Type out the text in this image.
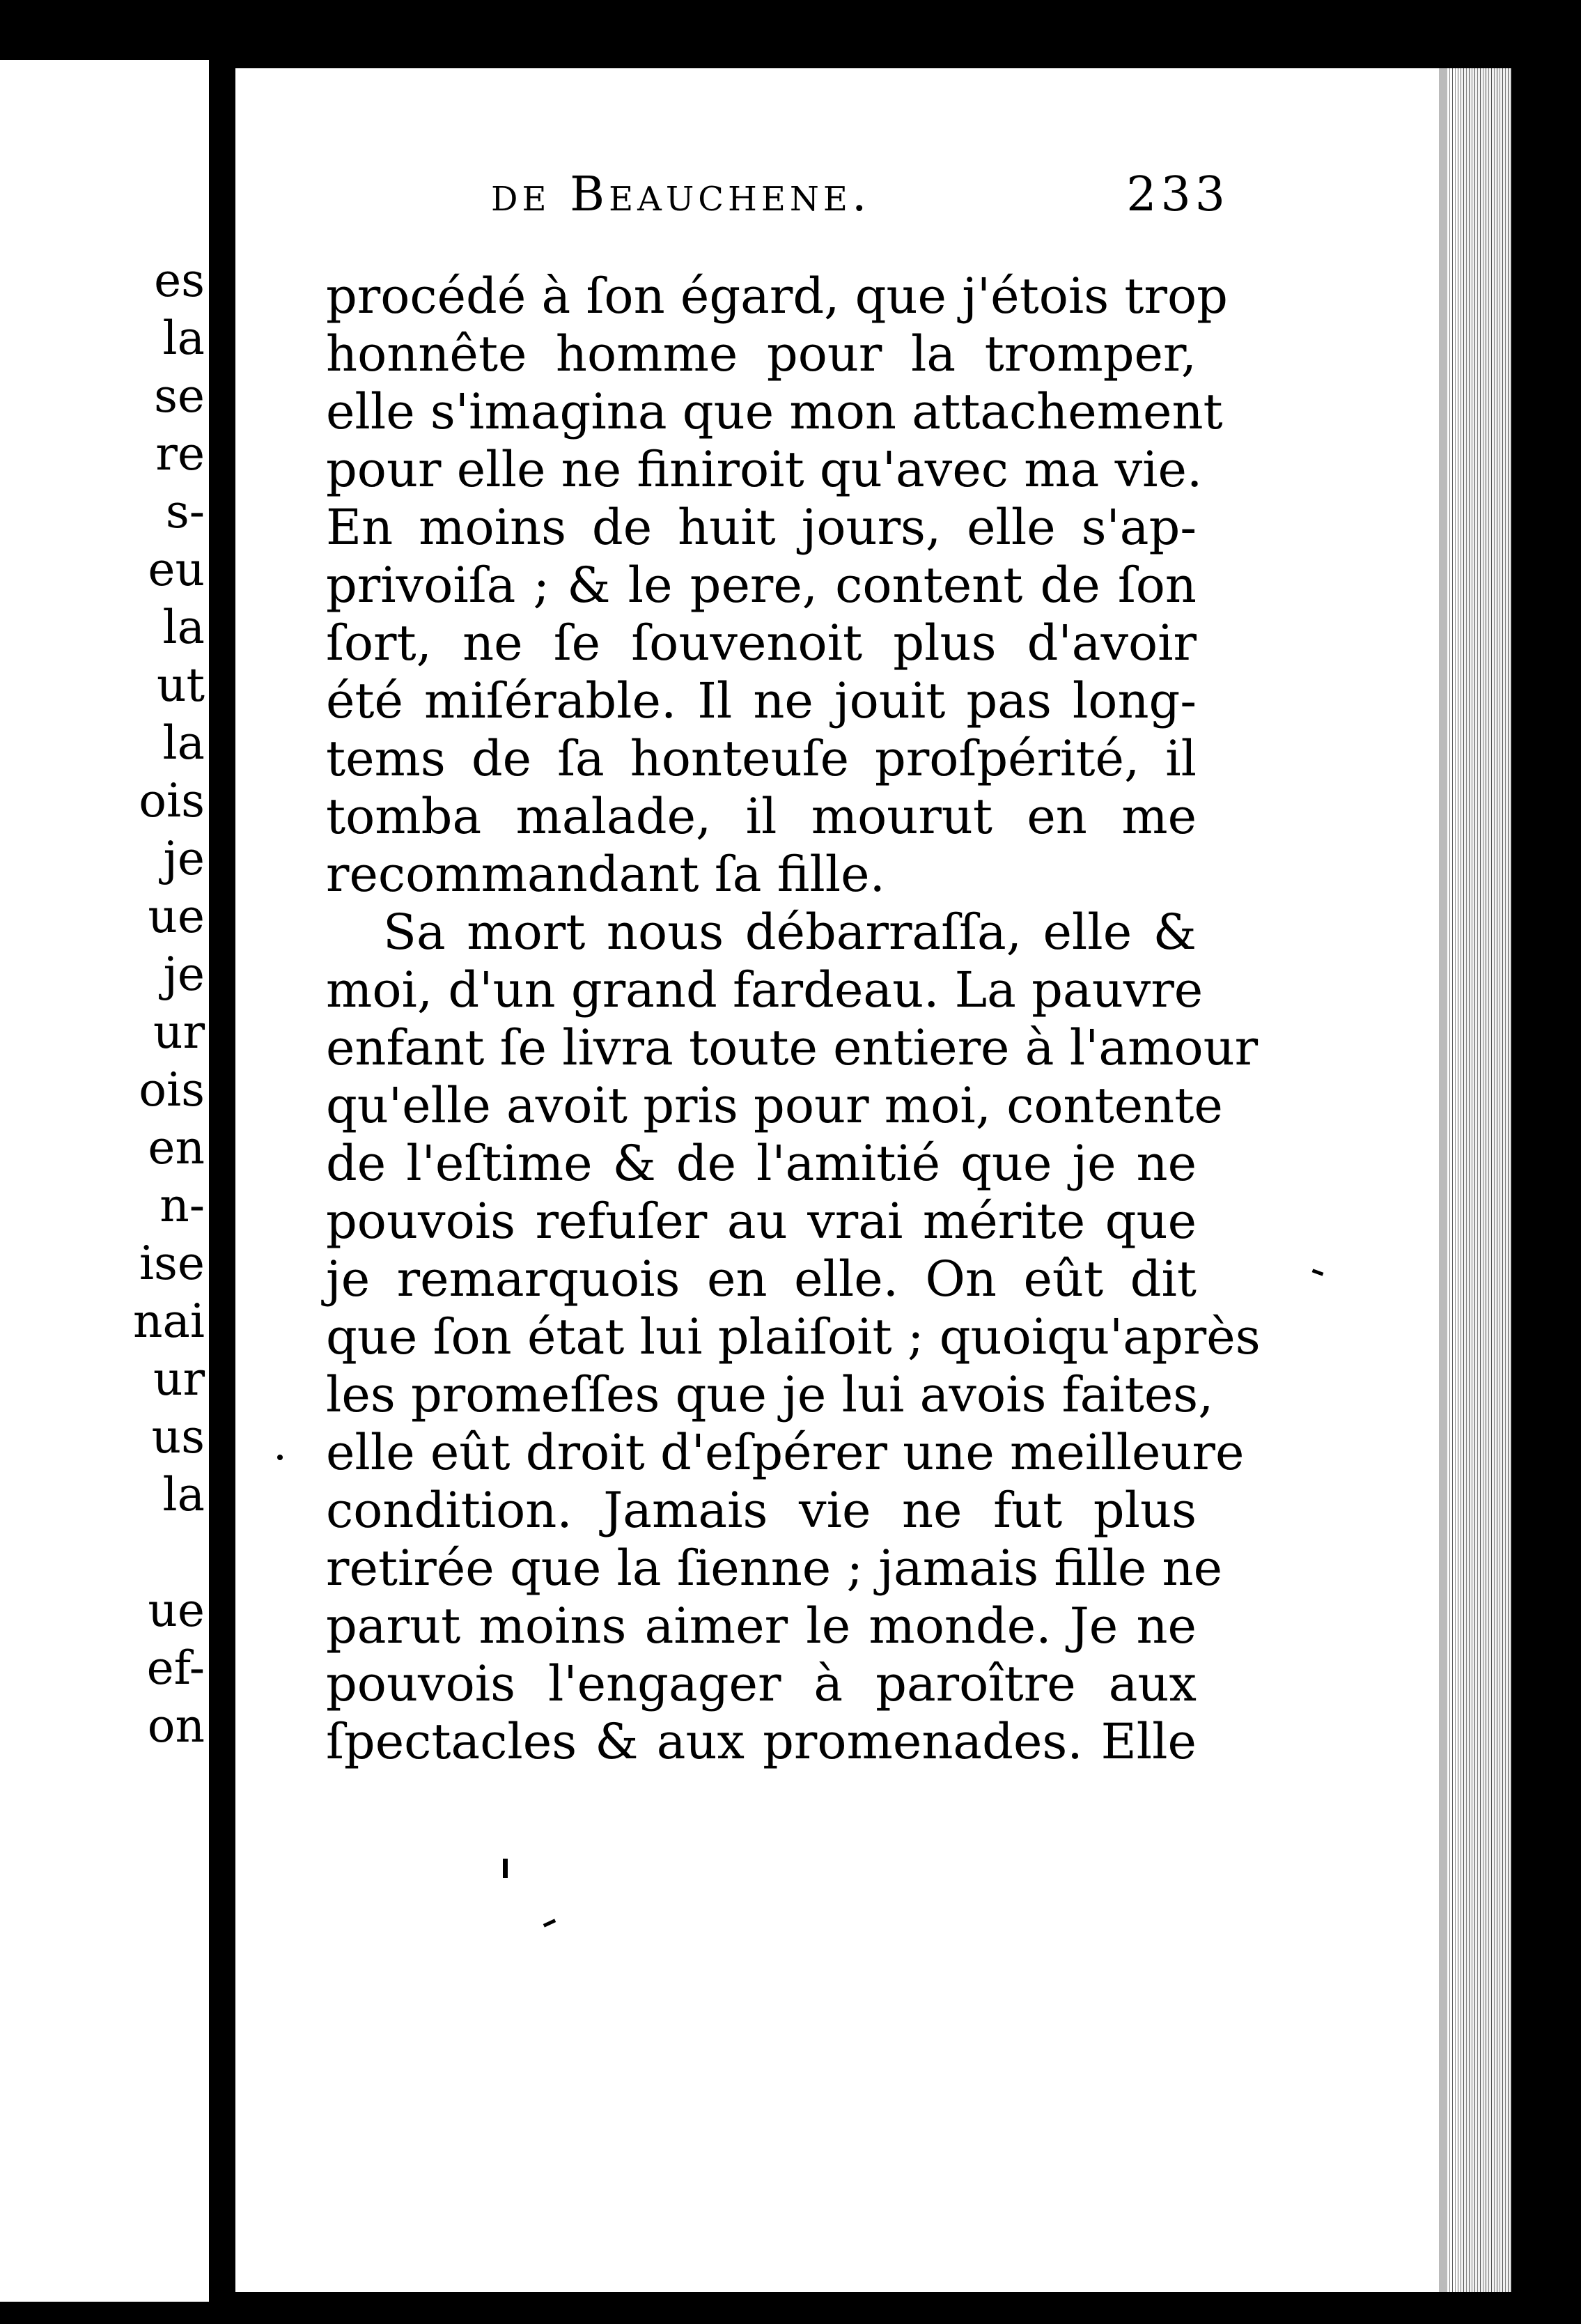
es
la
se
re
s-
eu
la
ut
la
ois
je
ue
je
ur
ois
en
n-
ise
nai
ur
us
la
ue
ef-
on
de Beauchene.	233
procédé à ſon égard, que j'étois trop
honnête homme pour la tromper,
elle s'imagina que mon attachement
pour elle ne finiroit qu'avec ma vie.
En moins de huit jours, elle s'ap-
privoiſa ; & le pere, content de ſon
ſort, ne ſe ſouvenoit plus d'avoir
été miſérable. Il ne jouit pas long-
tems de ſa honteuſe proſpérité, il
tomba malade, il mourut en me
recommandant ſa fille.
Sa mort nous débarraſſa, elle &
moi, d'un grand fardeau. La pauvre
enfant ſe livra toute entiere à l'amour
qu'elle avoit pris pour moi, contente
de l'eſtime & de l'amitié que je ne
pouvois refuſer au vrai mérite que
je remarquois en elle. On eût dit
que ſon état lui plaiſoit ; quoiqu'après
les promeſſes que je lui avois faites,
elle eût droit d'eſpérer une meilleure
condition. Jamais vie ne fut plus
retirée que la ſienne ; jamais fille ne
parut moins aimer le monde. Je ne
pouvois l'engager à paroître aux
ſpectacles & aux promenades. Elle
